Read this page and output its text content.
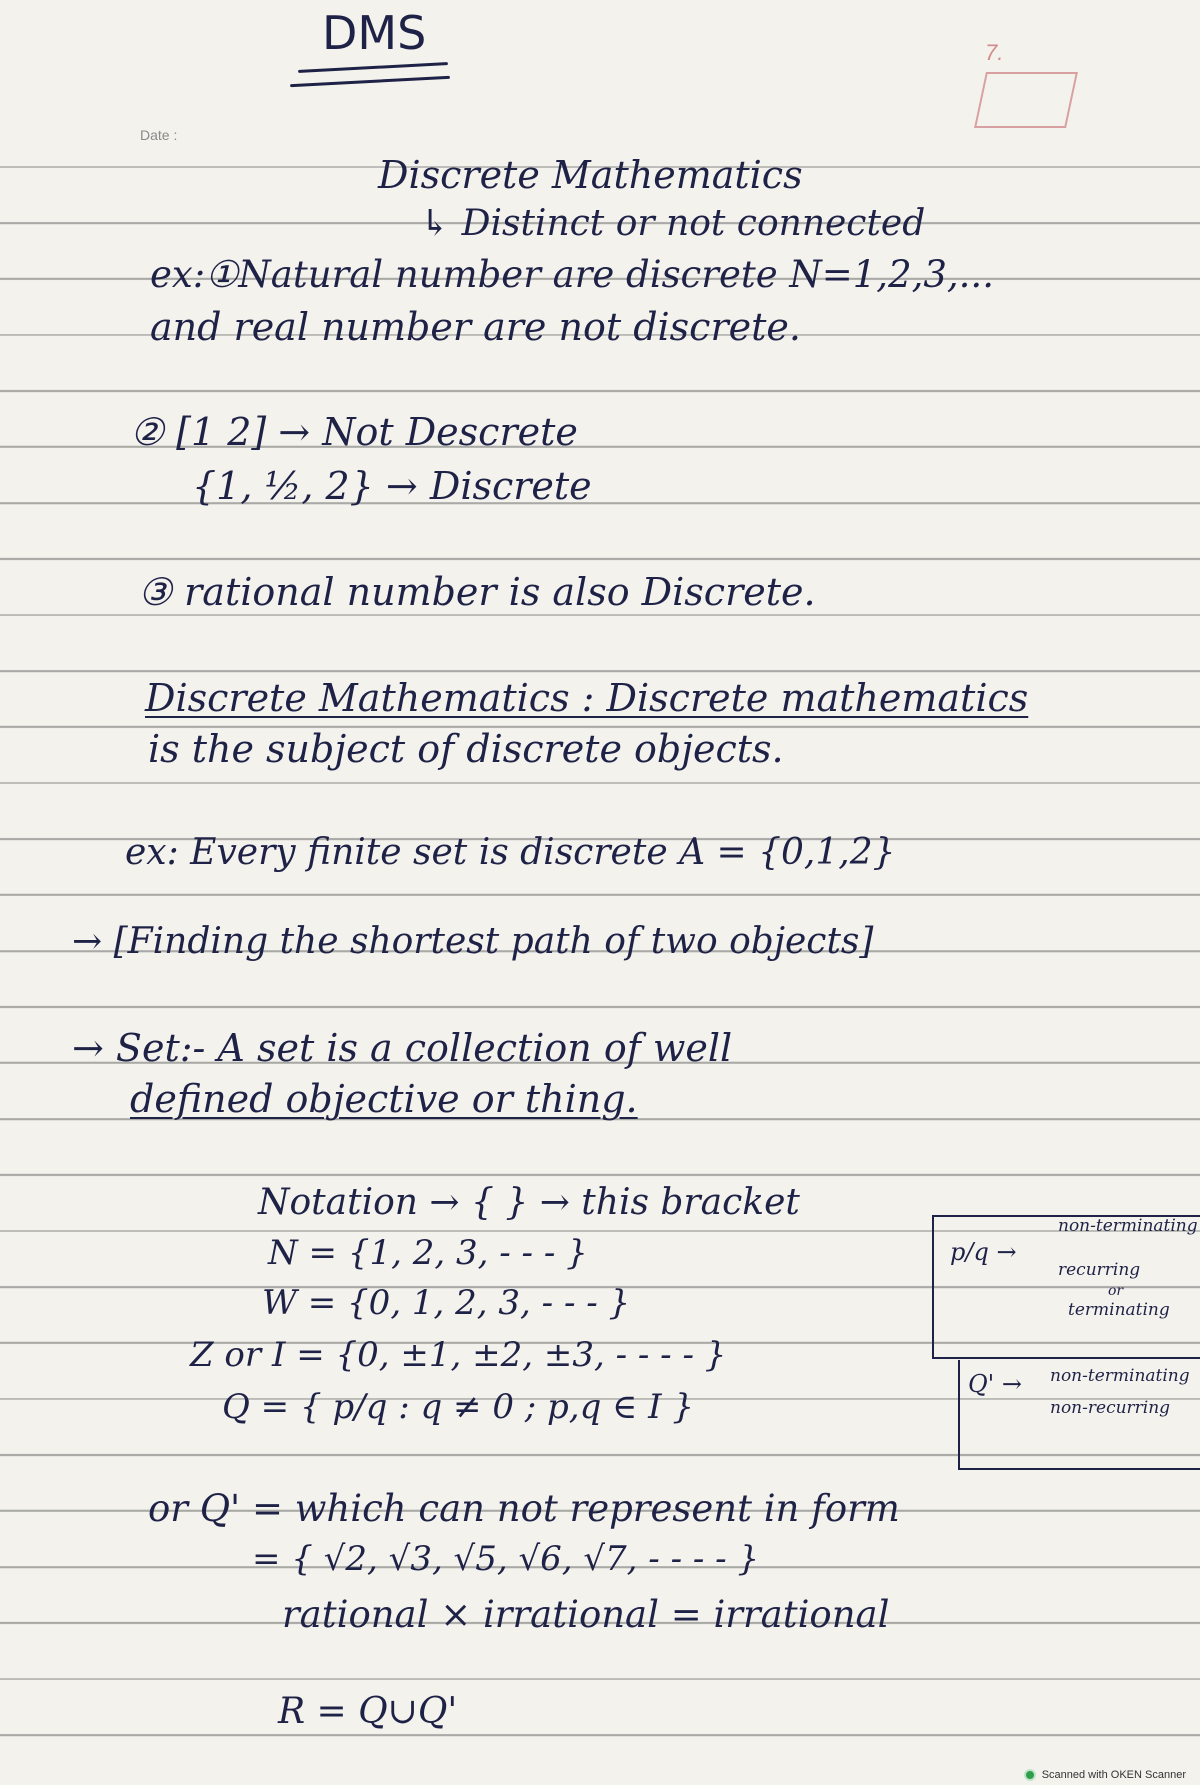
DMS	7.
Date :
Discrete Mathematics
↳ Distinct or not connected
ex:①Natural number are discrete N=1,2,3,...
and real number are not discrete.
② [1 2] → Not Descrete
{1, ½, 2} → Discrete
③ rational number is also Discrete.
Discrete Mathematics : Discrete mathematics
is the subject of discrete objects.
ex: Every finite set is discrete A = {0,1,2}
→ [Finding the shortest path of two objects]
→ Set:- A set is a collection of well
defined objective or thing.
Notation → { } → this bracket
N = {1, 2, 3, - - - }
W = {0, 1, 2, 3, - - - }
Z or I = {0, ±1, ±2, ±3, - - - - }
Q = { p/q : q ≠ 0 ; p,q ∈ I }
or Q' = which can not represent in form
= { √2, √3, √5, √6, √7, - - - - }
rational × irrational = irrational
R = Q∪Q'
p/q →
non-terminating
recurring
or
terminating
Q' → non-terminating
non-recurring
Scanned with OKEN Scanner
